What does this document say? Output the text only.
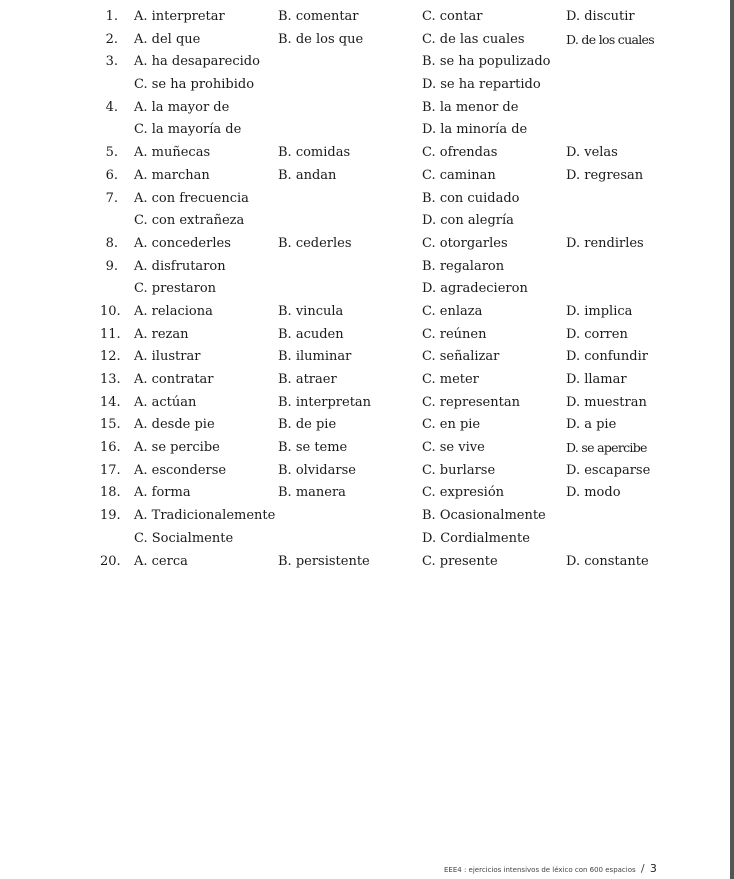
1. A. interpretar	B. comentar	C. contar	D. discutir
2. A. del que	B. de los que	C. de las cuales	D. de los cuales
3. A. ha desaparecido	B. se ha populizado
C. se ha prohibido	D. se ha repartido
4. A. la mayor de	B. la menor de
C. la mayoría de	D. la minoría de
5. A. muñecas	B. comidas	C. ofrendas	D. velas
6. A. marchan	B. andan	C. caminan	D. regresan
7. A. con frecuencia	B. con cuidado
C. con extrañeza	D. con alegría
8. A. concederles	B. cederles	C. otorgarles	D. rendirles
9. A. disfrutaron	B. regalaron
C. prestaron	D. agradecieron
10. A. relaciona	B. vincula	C. enlaza	D. implica
11. A. rezan	B. acuden	C. reúnen	D. corren
12. A. ilustrar	B. iluminar	C. señalizar	D. confundir
13. A. contratar	B. atraer	C. meter	D. llamar
14. A. actúan	B. interpretan	C. representan	D. muestran
15. A. desde pie	B. de pie	C. en pie	D. a pie
16. A. se percibe	B. se teme	C. se vive	D. se apercibe
17. A. esconderse	B. olvidarse	C. burlarse	D. escaparse
18. A. forma	B. manera	C. expresión	D. modo
19. A. Tradicionalemente	B. Ocasionalmente
C. Socialmente	D. Cordialmente
20. A. cerca	B. persistente	C. presente	D. constante
EEE4 : ejercicios intensivos de léxico con 600 espacios / 3
